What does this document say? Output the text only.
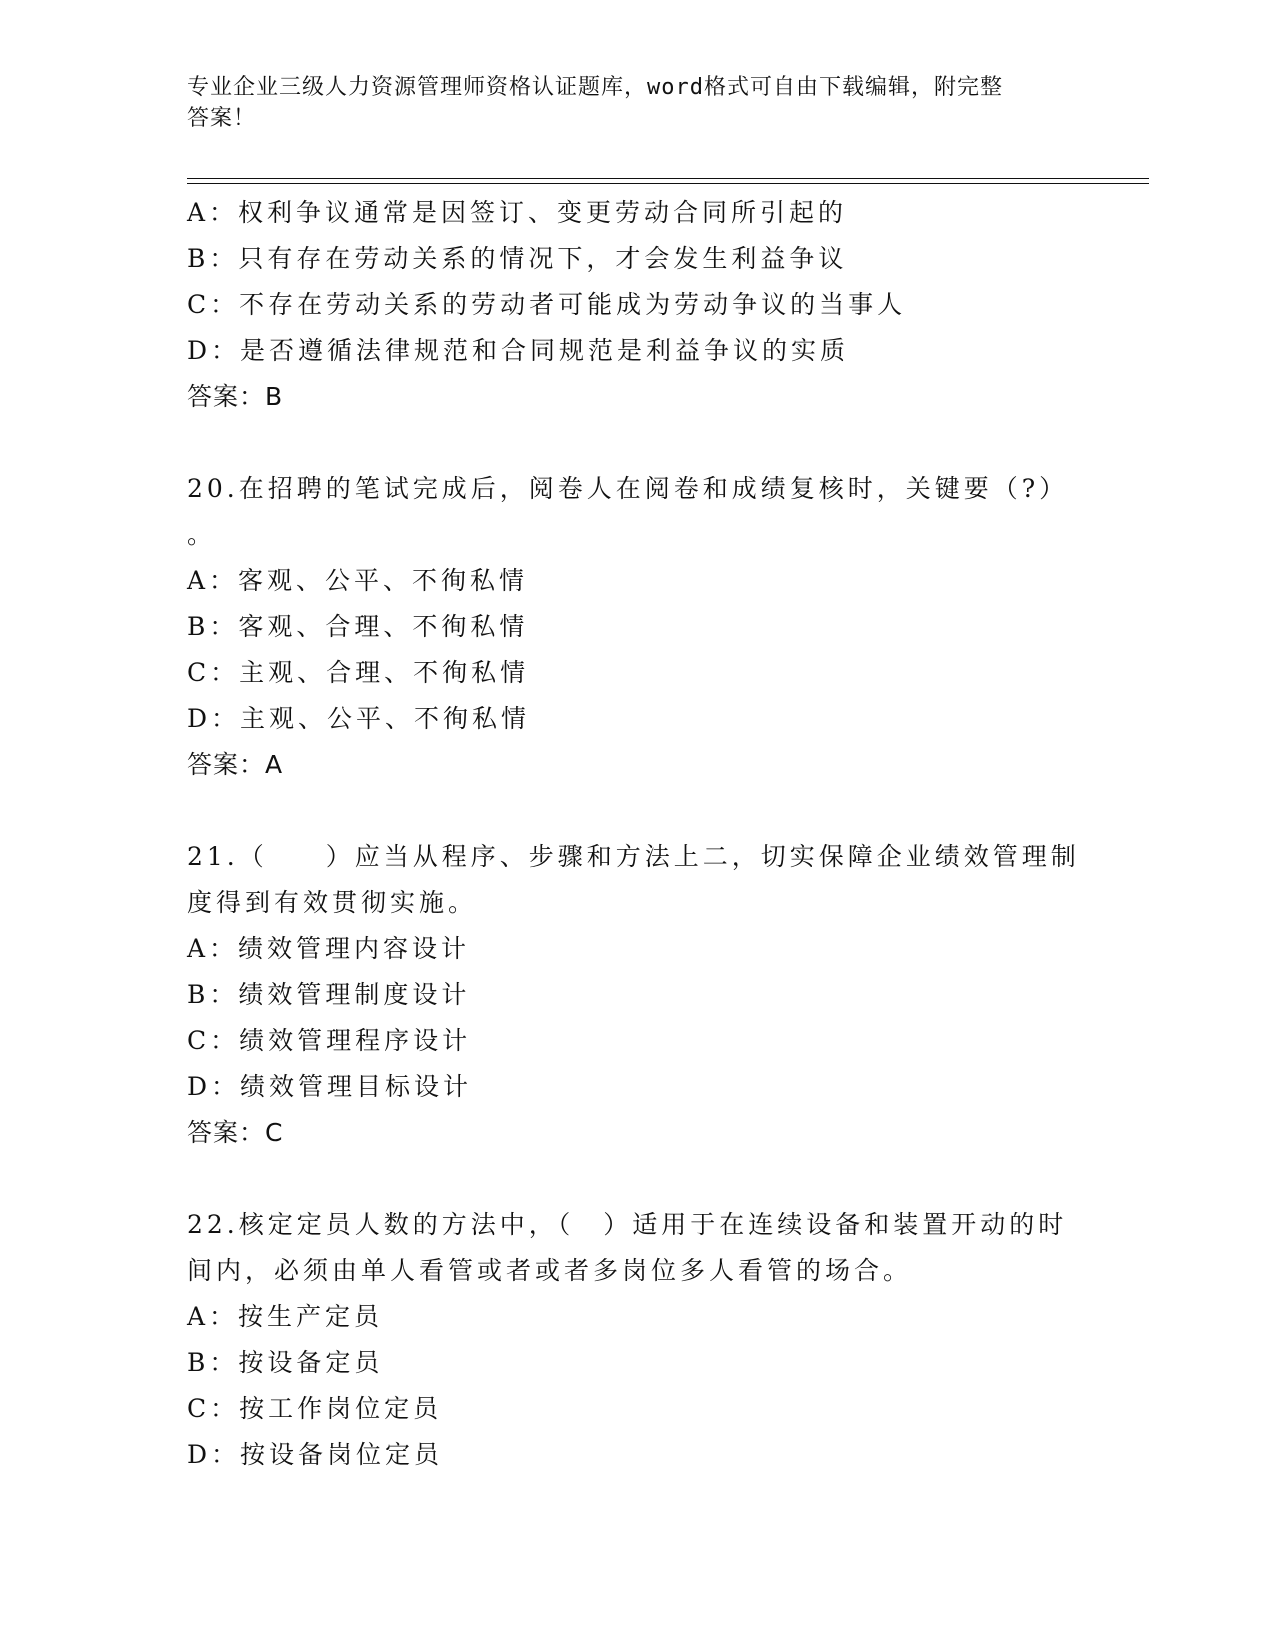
专业企业三级人力资源管理师资格认证题库，word格式可自由下载编辑，附完整
答案！
A：权利争议通常是因签订、变更劳动合同所引起的
B：只有存在劳动关系的情况下，才会发生利益争议
C：不存在劳动关系的劳动者可能成为劳动争议的当事人
D：是否遵循法律规范和合同规范是利益争议的实质
答案：B
20.在招聘的笔试完成后，阅卷人在阅卷和成绩复核时，关键要（?）
。
A：客观、公平、不徇私情
B：客观、合理、不徇私情
C：主观、合理、不徇私情
D：主观、公平、不徇私情
答案：A
21.（　　）应当从程序、步骤和方法上二，切实保障企业绩效管理制
度得到有效贯彻实施。
A：绩效管理内容设计
B：绩效管理制度设计
C：绩效管理程序设计
D：绩效管理目标设计
答案：C
22.核定定员人数的方法中，（　）适用于在连续设备和装置开动的时
间内，必须由单人看管或者或者多岗位多人看管的场合。
A：按生产定员
B：按设备定员
C：按工作岗位定员
D：按设备岗位定员
